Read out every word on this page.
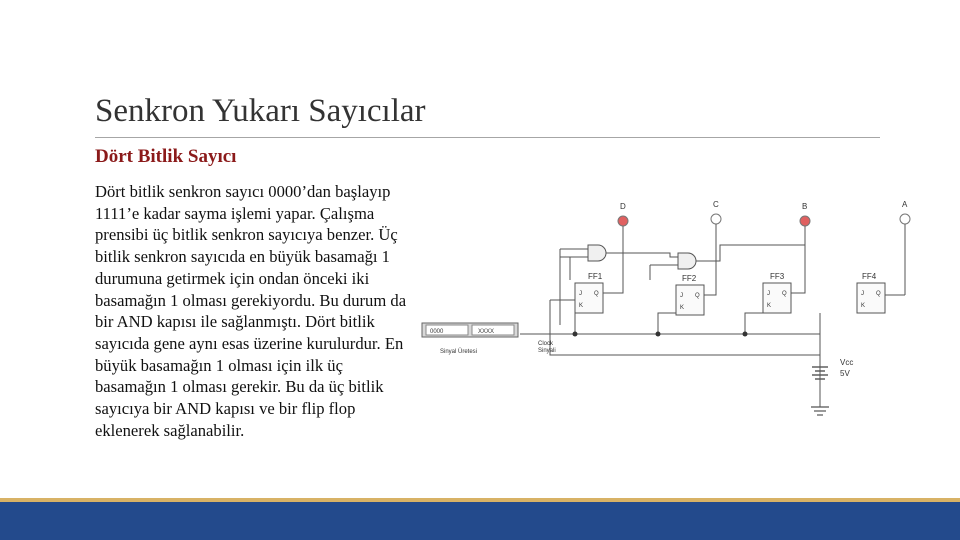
Senkron Yukarı Sayıcılar
Dört Bitlik Sayıcı
Dört bitlik senkron sayıcı 0000’dan başlayıp 1111’e kadar sayma işlemi yapar. Çalışma prensibi üç bitlik senkron sayıcıya benzer. Üç bitlik senkron sayıcıda en büyük basamağı 1 durumuna getirmek için ondan önceki iki basamağın 1 olması gerekiyordu. Bu durum da bir AND kapısı ile sağlanmıştı. Dört bitlik sayıcıda gene aynı esas üzerine kurulurdur. En büyük basamağın 1 olması için ilk üç basamağın 1 olması gerekir. Bu da üç bitlik sayıcıya bir AND kapısı ve bir flip flop eklenerek sağlanabilir.
D	C	B	A
FF1
J
K
Q
FF2
J
K
Q
FF3
J
K
Q
FF4
J
K
Q
0000	XXXX
Sinyal Üretesi
Clock
Sinyali
Vcc
5V
